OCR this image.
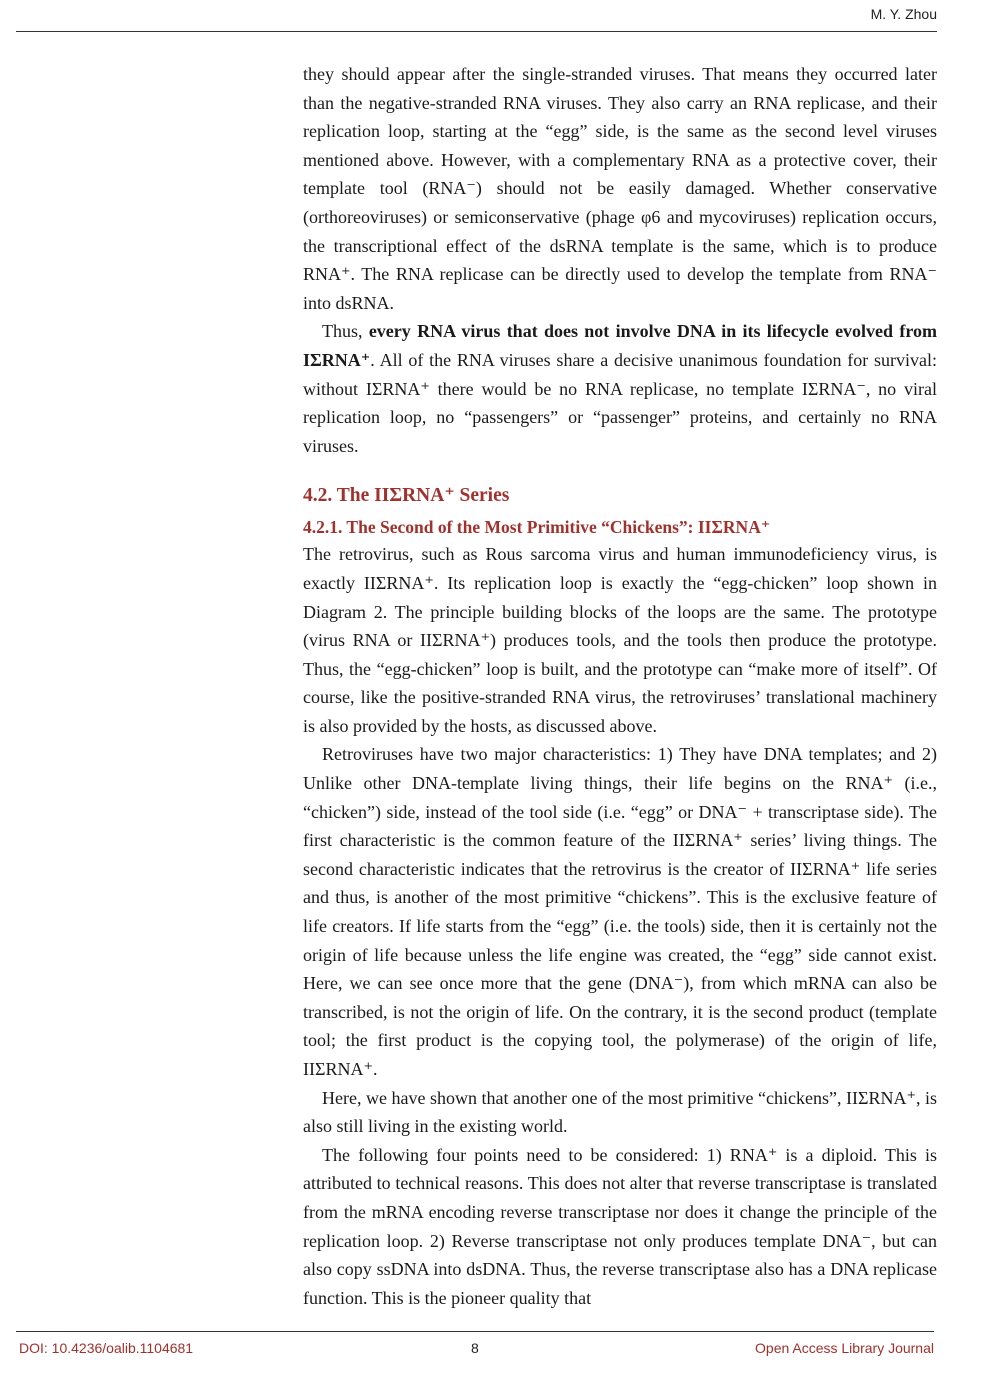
M. Y. Zhou

they should appear after the single-stranded viruses. That means they occurred later than the negative-stranded RNA viruses. They also carry an RNA replicase, and their replication loop, starting at the “egg” side, is the same as the second level viruses mentioned above. However, with a complementary RNA as a protective cover, their template tool (RNA⁻) should not be easily damaged. Whether conservative (orthoreoviruses) or semiconservative (phage φ6 and mycoviruses) replication occurs, the transcriptional effect of the dsRNA template is the same, which is to produce RNA⁺. The RNA replicase can be directly used to develop the template from RNA⁻ into dsRNA.

Thus, every RNA virus that does not involve DNA in its lifecycle evolved from IΣRNA⁺. All of the RNA viruses share a decisive unanimous foundation for survival: without IΣRNA⁺ there would be no RNA replicase, no template IΣRNA⁻, no viral replication loop, no “passengers” or “passenger” proteins, and certainly no RNA viruses.

4.2. The IIΣRNA⁺ Series
4.2.1. The Second of the Most Primitive “Chickens”: IIΣRNA⁺

The retrovirus, such as Rous sarcoma virus and human immunodeficiency virus, is exactly IIΣRNA⁺. Its replication loop is exactly the “egg-chicken” loop shown in Diagram 2. The principle building blocks of the loops are the same. The prototype (virus RNA or IIΣRNA⁺) produces tools, and the tools then produce the prototype. Thus, the “egg-chicken” loop is built, and the prototype can “make more of itself”. Of course, like the positive-stranded RNA virus, the retroviruses’ translational machinery is also provided by the hosts, as discussed above.

Retroviruses have two major characteristics: 1) They have DNA templates; and 2) Unlike other DNA-template living things, their life begins on the RNA⁺ (i.e., “chicken”) side, instead of the tool side (i.e. “egg” or DNA⁻ + transcriptase side). The first characteristic is the common feature of the IIΣRNA⁺ series’ living things. The second characteristic indicates that the retrovirus is the creator of IIΣRNA⁺ life series and thus, is another of the most primitive “chickens”. This is the exclusive feature of life creators. If life starts from the “egg” (i.e. the tools) side, then it is certainly not the origin of life because unless the life engine was created, the “egg” side cannot exist. Here, we can see once more that the gene (DNA⁻), from which mRNA can also be transcribed, is not the origin of life. On the contrary, it is the second product (template tool; the first product is the copying tool, the polymerase) of the origin of life, IIΣRNA⁺.

Here, we have shown that another one of the most primitive “chickens”, IIΣRNA⁺, is also still living in the existing world.

The following four points need to be considered: 1) RNA⁺ is a diploid. This is attributed to technical reasons. This does not alter that reverse transcriptase is translated from the mRNA encoding reverse transcriptase nor does it change the principle of the replication loop. 2) Reverse transcriptase not only produces template DNA⁻, but can also copy ssDNA into dsDNA. Thus, the reverse transcriptase also has a DNA replicase function. This is the pioneer quality that

DOI: 10.4236/oalib.1104681	8	Open Access Library Journal
